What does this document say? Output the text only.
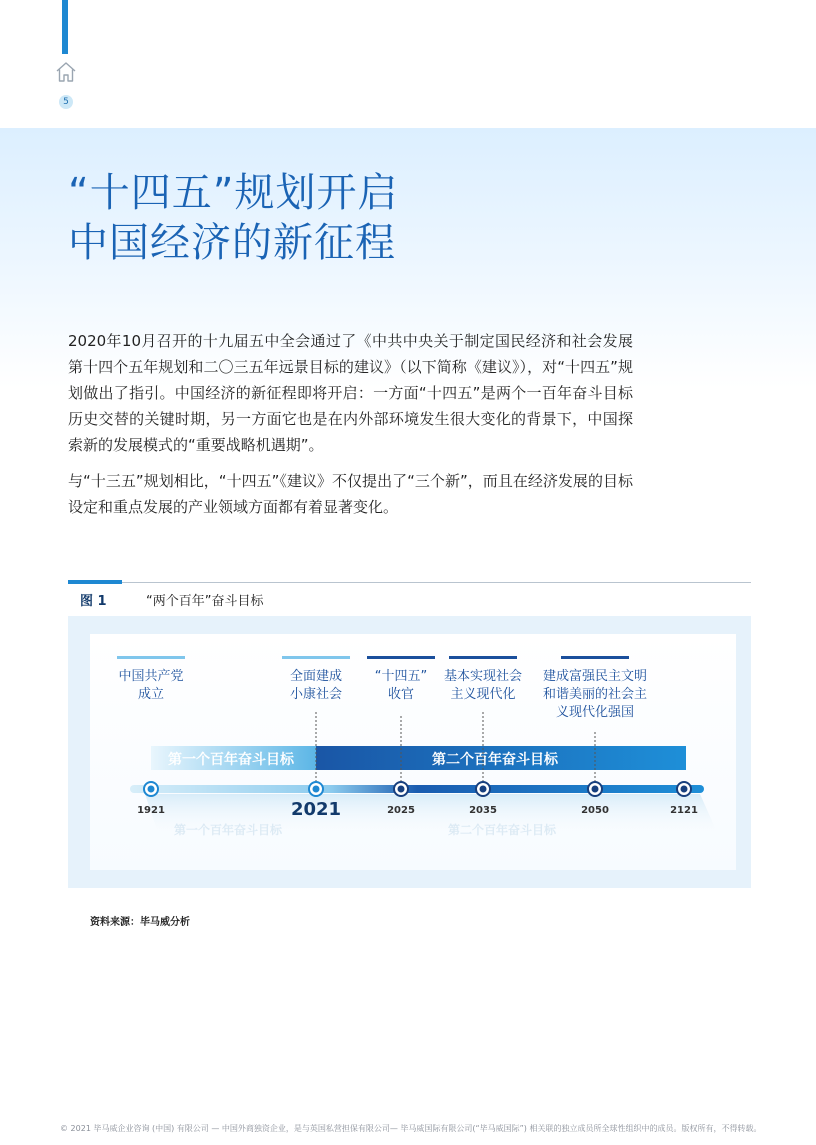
5
“十四五”规划开启
中国经济的新征程

2020年10月召开的十九届五中全会通过了《中共中央关于制定国民经济和社会发展第十四个五年规划和二〇三五年远景目标的建议》（以下简称《建议》），对“十四五”规划做出了指引。中国经济的新征程即将开启：一方面“十四五”是两个一百年奋斗目标历史交替的关键时期，另一方面它也是在内外部环境发生很大变化的背景下，中国探索新的发展模式的“重要战略机遇期”。

与“十三五”规划相比，“十四五”《建议》不仅提出了“三个新”，而且在经济发展的目标设定和重点发展的产业领域方面都有着显著变化。

图 1	“两个百年”奋斗目标
第一个百年奋斗目标	第二个百年奋斗目标
第一个百年奋斗目标	第二个百年奋斗目标
中国共产党
成立
1921
全面建成
小康社会
2021
“十四五”
收官
2025
基本实现社会
主义现代化
2035
建成富强民主文明
和谐美丽的社会主
义现代化强国
2050	2121
资料来源：毕马威分析
© 2021 毕马威企业咨询 (中国) 有限公司 — 中国外商独资企业，是与英国私营担保有限公司— 毕马威国际有限公司(“毕马威国际”) 相关联的独立成员所全球性组织中的成员。版权所有，不得转载。
